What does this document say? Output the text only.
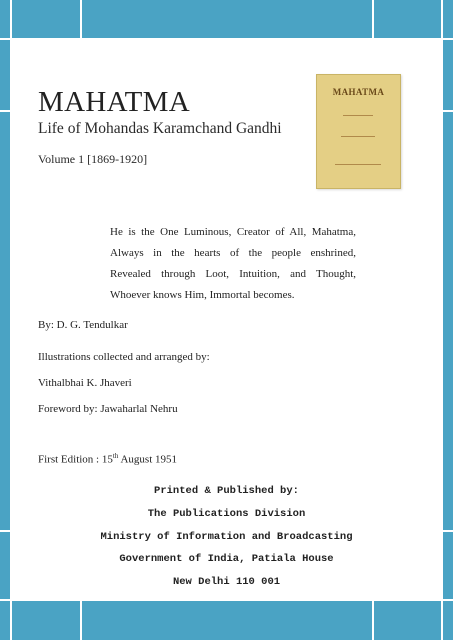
MAHATMA
Life of Mohandas Karamchand Gandhi
Volume 1 [1869-1920]
MAHATMA
He is the One Luminous, Creator of All, Mahatma,
Always in the hearts of the people enshrined,
Revealed through Loot, Intuition, and Thought,
Whoever knows Him, Immortal becomes.
By: D. G. Tendulkar
Illustrations collected and arranged by:
Vithalbhai K. Jhaveri
Foreword by: Jawaharlal Nehru
First Edition : 15th August 1951
Printed & Published by:
The Publications Division
Ministry of Information and Broadcasting
Government of India, Patiala House
New Delhi 110 001
